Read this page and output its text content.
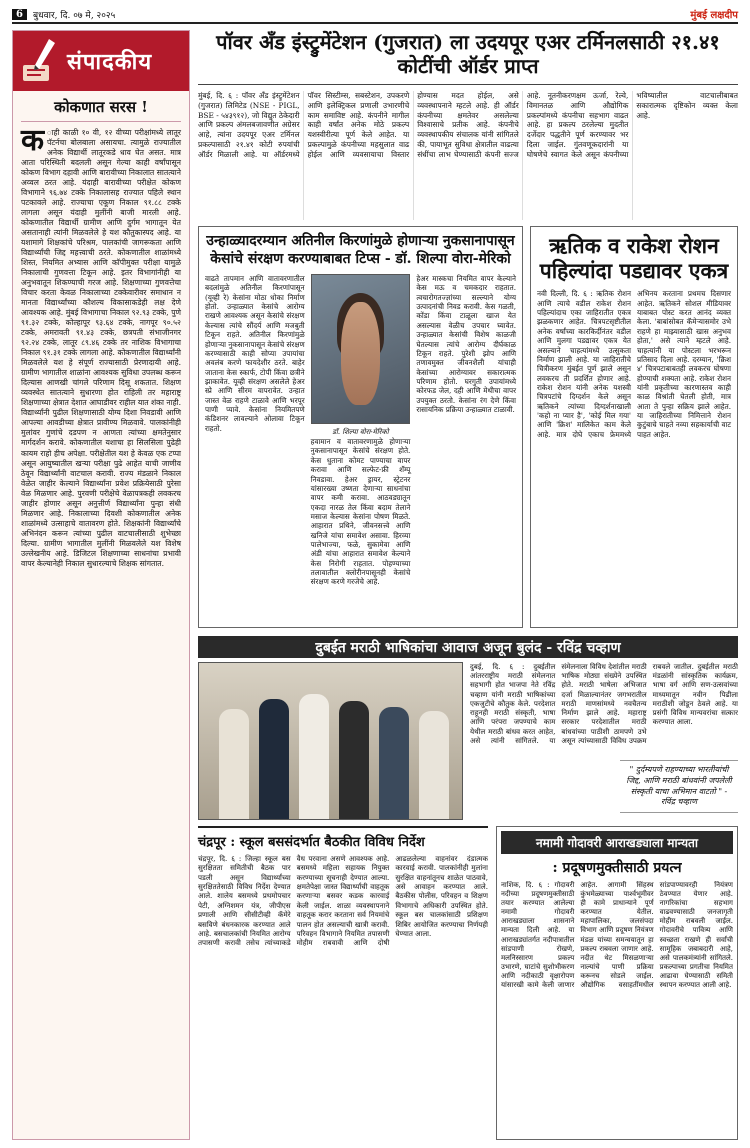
6	बुधवार, दि. ०७ मे, २०२५	मुंबई लक्षदीप
संपादकीय
कोकणात सरस !
क ाही काळी १० वी, १२ वीच्या परीक्षांमध्ये लातूर पॅटर्नचा बोलबाला असायचा. त्यामुळे राज्यातील अनेक विद्यार्थी लातूरकडे धाव घेत असत. मात्र आता परिस्थिती बदलली असून गेल्या काही वर्षांपासून कोकण विभाग दहावी आणि बारावीच्या निकालात सातत्याने अव्वल ठरत आहे. यंदाही बारावीच्या परीक्षेत कोकण विभागाने ९६.७४ टक्के निकालासह राज्यात पहिले स्थान पटकावले आहे. राज्याचा एकूण निकाल ९१.८८ टक्के लागला असून यंदाही मुलींनी बाजी मारली आहे. कोकणातील विद्यार्थी ग्रामीण आणि दुर्गम भागातून येत असतानाही त्यांनी मिळवलेले हे यश कौतुकास्पद आहे. या यशामागे शिक्षकांचे परिश्रम, पालकांची जागरूकता आणि विद्यार्थ्यांची जिद्द महत्त्वाची ठरते. कोकणातील शाळांमध्ये शिस्त, नियमित अभ्यास आणि कॉपीमुक्त परीक्षा यामुळे निकालाची गुणवत्ता टिकून आहे. इतर विभागांनीही या अनुभवातून शिकण्याची गरज आहे. शिक्षणाच्या गुणवत्तेचा विचार करता केवळ निकालाच्या टक्केवारीवर समाधान न मानता विद्यार्थ्यांच्या कौशल्य विकासाकडेही लक्ष देणे आवश्यक आहे. मुंबई विभागाचा निकाल ९२.९३ टक्के, पुणे ९१.३२ टक्के, कोल्हापूर ९३.६४ टक्के, नागपूर ९०.५२ टक्के, अमरावती ९१.४३ टक्के, छत्रपती संभाजीनगर ९२.२४ टक्के, लातूर ८९.४६ टक्के तर नाशिक विभागाचा निकाल ९१.३१ टक्के लागला आहे. कोकणातील विद्यार्थ्यांनी मिळवलेले यश हे संपूर्ण राज्यासाठी प्रेरणादायी आहे. ग्रामीण भागातील शाळांना आवश्यक सुविधा उपलब्ध करून दिल्यास आणखी चांगले परिणाम दिसू शकतात. शिक्षण व्यवस्थेत सातत्याने सुधारणा होत राहिली तर महाराष्ट्र शिक्षणाच्या क्षेत्रात देशात आघाडीवर राहील यात शंका नाही. विद्यार्थ्यांनी पुढील शिक्षणासाठी योग्य दिशा निवडावी आणि आपल्या आवडीच्या क्षेत्रात प्रावीण्य मिळवावे. पालकांनीही मुलांवर गुणांचे दडपण न आणता त्यांच्या क्षमतेनुसार मार्गदर्शन करावे. कोकणातील यशाचा हा सिलसिला पुढेही कायम राहो हीच अपेक्षा. परीक्षेतील यश हे केवळ एक टप्पा असून आयुष्यातील खऱ्या परीक्षा पुढे आहेत याची जाणीव ठेवून विद्यार्थ्यांनी वाटचाल करावी. राज्य मंडळाने निकाल वेळेत जाहीर केल्याने विद्यार्थ्यांना प्रवेश प्रक्रियेसाठी पुरेसा वेळ मिळणार आहे. पुरवणी परीक्षेचे वेळापत्रकही लवकरच जाहीर होणार असून अनुत्तीर्ण विद्यार्थ्यांना पुन्हा संधी मिळणार आहे. निकालाच्या दिवशी कोकणातील अनेक शाळांमध्ये उत्साहाचे वातावरण होते. शिक्षकांनी विद्यार्थ्यांचे अभिनंदन करून त्यांच्या पुढील वाटचालीसाठी शुभेच्छा दिल्या. ग्रामीण भागातील मुलींनी मिळवलेले यश विशेष उल्लेखनीय आहे. डिजिटल शिक्षणाच्या साधनांचा प्रभावी वापर केल्यानेही निकाल सुधारल्याचे शिक्षक सांगतात.
पॉवर अँड इंस्ट्रुमेंटेशन (गुजरात) ला उदयपूर एअर टर्मिनलसाठी २१.४१ कोटींची ऑर्डर प्राप्त
मुंबई, दि. ६ : पॉवर अँड इंस्ट्रुमेंटेशन (गुजरात) लिमिटेड (NSE - PIGL, BSE - ५४३९१२), जो विद्युत ठेकेदारी आणि प्रकल्प अंमलबजावणीत अग्रेसर आहे, त्यांना उदयपूर एअर टर्मिनल प्रकल्पासाठी २१.४१ कोटी रुपयांची ऑर्डर मिळाली आहे. या ऑर्डरमध्ये पॉवर सिस्टीम्स, सबस्टेशन, उपकरणे आणि इलेक्ट्रिकल प्रणाली उभारणीचे काम समाविष्ट आहे. कंपनीने मागील काही वर्षांत अनेक मोठे प्रकल्प यशस्वीरीत्या पूर्ण केले आहेत. या प्रकल्पामुळे कंपनीच्या महसुलात वाढ होईल आणि व्यवसायाचा विस्तार होण्यास मदत होईल, असे व्यवस्थापनाने म्हटले आहे. ही ऑर्डर कंपनीच्या क्षमतेवर असलेल्या विश्वासाचे प्रतीक आहे. कंपनीचे व्यवस्थापकीय संचालक यांनी सांगितले की, पायाभूत सुविधा क्षेत्रातील वाढत्या संधींचा लाभ घेण्यासाठी कंपनी सज्ज आहे. नूतनीकरणक्षम ऊर्जा, रेल्वे, विमानतळ आणि औद्योगिक प्रकल्पांमध्ये कंपनीचा सहभाग वाढत आहे. हा प्रकल्प ठरलेल्या मुदतीत दर्जेदार पद्धतीने पूर्ण करण्यावर भर दिला जाईल. गुंतवणूकदारांनी या घोषणेचे स्वागत केले असून कंपनीच्या भविष्यातील वाटचालीबाबत सकारात्मक दृष्टिकोन व्यक्त केला आहे.
उन्हाळ्यादरम्यान अतिनील किरणांमुळे होणाऱ्या नुकसानापासून केसांचे संरक्षण करण्याबाबत टिप्स - डॉ. शिल्पा वोरा-मेरिको
वाढते तापमान आणि वातावरणातील बदलांमुळे अतिनील किरणांपासून (यूव्ही रे) केसांना मोठा धोका निर्माण होतो. उन्हाळ्यात केसांचे आरोग्य राखणे आवश्यक असून केसांचे संरक्षण केल्यास त्यांचे सौंदर्य आणि मजबुती टिकून राहते. अतिनील किरणांमुळे होणाऱ्या नुकसानापासून केसांचे संरक्षण करण्यासाठी काही सोप्या उपायांचा अवलंब करणे फायदेशीर ठरते. बाहेर जाताना केस स्कार्फ, टोपी किंवा छत्रीने झाकावेत. यूव्ही संरक्षण असलेले हेअर स्प्रे आणि सीरम वापरावेत. उन्हात जास्त वेळ राहणे टाळावे आणि भरपूर पाणी प्यावे. केसांना नियमितपणे कंडिशनर लावल्याने ओलावा टिकून राहतो.	डॉ. शिल्पा वोरा-मेरिको
हवामान व वातावरणामुळे होणाऱ्या नुकसानापासून केसांचे संरक्षण होते. केस धुताना कोमट पाण्याचा वापर करावा आणि सल्फेट-फ्री शॅम्पू निवडावा. हेअर ड्रायर, स्ट्रेटनर यांसारख्या उष्णता देणाऱ्या साधनांचा वापर कमी करावा. आठवड्यातून एकदा नारळ तेल किंवा बदाम तेलाने मसाज केल्यास केसांना पोषण मिळते. आहारात प्रथिने, जीवनसत्त्वे आणि खनिजे यांचा समावेश असावा. हिरव्या पालेभाज्या, फळे, सुकामेवा आणि अंडी यांचा आहारात समावेश केल्याने केस निरोगी राहतात. पोहण्याच्या तलावातील क्लोरीनपासूनही केसांचे संरक्षण करणे गरजेचे आहे.
हेअर मास्कचा नियमित वापर केल्याने केस मऊ व चमकदार राहतात. त्वचारोगतज्ज्ञांच्या सल्ल्याने योग्य उत्पादनांची निवड करावी. केस गळती, कोंडा किंवा टाळूला खाज येत असल्यास वेळीच उपचार घ्यावेत. उन्हाळ्यात केसांची विशेष काळजी घेतल्यास त्यांचे आरोग्य दीर्घकाळ टिकून राहते. पुरेशी झोप आणि तणावमुक्त जीवनशैली यांचाही केसांच्या आरोग्यावर सकारात्मक परिणाम होतो. घरगुती उपायांमध्ये कोरफड जेल, दही आणि मेथीचा वापर उपयुक्त ठरतो. केसांना रंग देणे किंवा रासायनिक प्रक्रिया उन्हाळ्यात टाळावी.
ऋतिक व राकेश रोशन पहिल्यांदा पडद्यावर एकत्र
नवी दिल्ली, दि. ६ : ऋतिक रोशन आणि त्याचे वडील राकेश रोशन पहिल्यांदाच एका जाहिरातीत एकत्र झळकणार आहेत. चित्रपटसृष्टीतील अनेक वर्षांच्या कारकिर्दीनंतर वडील आणि मुलगा पडद्यावर एकत्र येत असल्याने चाहत्यांमध्ये उत्सुकता निर्माण झाली आहे. या जाहिरातीचे चित्रीकरण मुंबईत पूर्ण झाले असून लवकरच ती प्रदर्शित होणार आहे. राकेश रोशन यांनी अनेक यशस्वी चित्रपटांचे दिग्दर्शन केले असून ऋतिकने त्यांच्या दिग्दर्शनाखाली 'कहो ना प्यार है', 'कोई मिल गया' आणि 'क्रिश' मालिकेत काम केले आहे. मात्र दोघे एकाच फ्रेममध्ये अभिनय करताना प्रथमच दिसणार आहेत. ऋतिकने सोशल मीडियावर याबाबत पोस्ट करत आनंद व्यक्त केला. 'बाबांसोबत कॅमेऱ्यासमोर उभे राहणे हा माझ्यासाठी खास अनुभव होता,' असे त्याने म्हटले आहे. चाहत्यांनी या पोस्टला भरभरून प्रतिसाद दिला आहे. दरम्यान, 'क्रिश ४' चित्रपटाबाबतही लवकरच घोषणा होण्याची शक्यता आहे. राकेश रोशन यांनी प्रकृतीच्या कारणास्तव काही काळ विश्रांती घेतली होती, मात्र आता ते पुन्हा सक्रिय झाले आहेत. या जाहिरातीच्या निमित्ताने रोशन कुटुंबाचे चाहते नव्या सहकार्याची वाट पाहत आहेत.
दुबईत मराठी भाषिकांचा आवाज अजून बुलंद - रविंद्र चव्हाण
दुबई, दि. ६ : दुबईतील आंतरराष्ट्रीय मराठी संमेलनात सहभागी होत भाजपा नेते रविंद्र चव्हाण यांनी मराठी भाषिकांच्या एकजुटीचे कौतुक केले. परदेशात राहूनही मराठी संस्कृती, भाषा आणि परंपरा जपण्याचे काम येथील मराठी बांधव करत आहेत, असे त्यांनी सांगितले. या संमेलनाला विविध देशांतील मराठी भाषिक मोठ्या संख्येने उपस्थित होते. मराठी भाषेला अभिजात दर्जा मिळाल्यानंतर जगभरातील मराठी माणसांमध्ये नवचैतन्य निर्माण झाले आहे. महाराष्ट्र सरकार परदेशातील मराठी बांधवांच्या पाठीशी ठामपणे उभे असून त्यांच्यासाठी विविध उपक्रम राबवले जातील. दुबईतील मराठी मंडळांनी सांस्कृतिक कार्यक्रम, भाषा वर्ग आणि सण-उत्सवांच्या माध्यमातून नवीन पिढीला मराठीशी जोडून ठेवले आहे. या प्रसंगी विविध मान्यवरांचा सत्कार करण्यात आला.
" दुर्दम्यपणे राहण्याच्या भारतीयांची जिद्द, आणि मराठी बांधवांनी जपलेली संस्कृती याचा अभिमान वाटतो " - रविंद्र चव्हाण
चंद्रपूर : स्कूल बससंदर्भात बैठकीत विविध निर्देश
चंद्रपूर, दि. ६ : जिल्हा स्कूल बस सुरक्षितता समितीची बैठक पार पडली असून विद्यार्थ्यांच्या सुरक्षिततेसाठी विविध निर्देश देण्यात आले. शालेय बसमध्ये प्रथमोपचार पेटी, अग्निशमन यंत्र, जीपीएस प्रणाली आणि सीसीटीव्ही कॅमेरे बसविणे बंधनकारक करण्यात आले आहे. बसचालकांची नियमित आरोग्य तपासणी करावी तसेच त्यांच्याकडे वैध परवाना असणे आवश्यक आहे. बसमध्ये महिला सहायक नियुक्त करण्याच्या सूचनाही देण्यात आल्या. क्षमतेपेक्षा जास्त विद्यार्थ्यांची वाहतूक करणाऱ्या बसवर कडक कारवाई केली जाईल. शाळा व्यवस्थापनाने वाहतूक करार करताना सर्व नियमांचे पालन होत असल्याची खात्री करावी. परिवहन विभागाने नियमित तपासणी मोहीम राबवावी आणि दोषी आढळलेल्या वाहनांवर दंडात्मक कारवाई करावी. पालकांनीही मुलांना सुरक्षित वाहनांतूनच शाळेत पाठवावे, असे आवाहन करण्यात आले. बैठकीस पोलीस, परिवहन व शिक्षण विभागाचे अधिकारी उपस्थित होते. स्कूल बस चालकांसाठी प्रशिक्षण शिबिर आयोजित करण्याचा निर्णयही घेण्यात आला.
नमामी गोदावरी आराखड्याला मान्यता
: प्रदूषणमुक्तीसाठी प्रयत्न
नाशिक, दि. ६ : गोदावरी नदीच्या प्रदूषणमुक्तीसाठी तयार करण्यात आलेल्या नमामी गोदावरी आराखड्याला शासनाने मान्यता दिली आहे. या आराखड्यांतर्गत नदीपात्रातील सांडपाणी रोखणे, मलनिस्सारण प्रकल्प उभारणे, घाटांचे सुशोभीकरण आणि नदीकाठी वृक्षारोपण यांसारखी कामे केली जाणार आहेत. आगामी सिंहस्थ कुंभमेळ्याच्या पार्श्वभूमीवर ही कामे प्राधान्याने पूर्ण करण्यात येतील. महापालिका, जलसंपदा विभाग आणि प्रदूषण नियंत्रण मंडळ यांच्या समन्वयातून हा प्रकल्प राबवला जाणार आहे. नदीत थेट मिसळणाऱ्या नाल्यांचे पाणी प्रक्रिया करूनच सोडले जाईल. औद्योगिक वसाहतींमधील सांडपाण्यावरही नियंत्रण ठेवण्यात येणार आहे. नागरिकांचा सहभाग वाढवण्यासाठी जनजागृती मोहीम राबवली जाईल. गोदावरीचे पावित्र्य आणि स्वच्छता राखणे ही सर्वांची सामूहिक जबाबदारी आहे, असे पालकमंत्र्यांनी सांगितले. प्रकल्पाच्या प्रगतीचा नियमित आढावा घेण्यासाठी समिती स्थापन करण्यात आली आहे.
